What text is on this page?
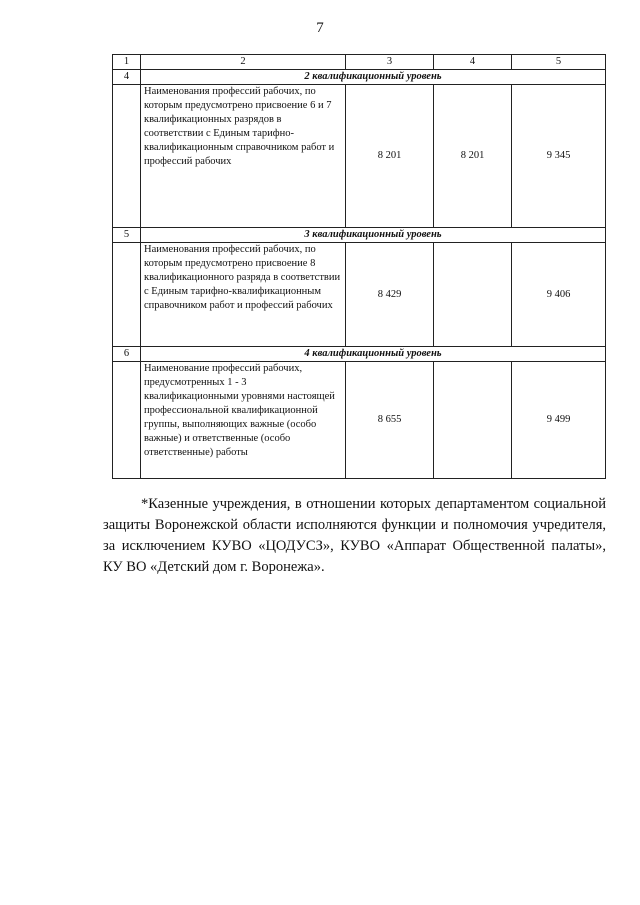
7
1	2	3	4	5
4	2 квалификационный уровень			
	Наименования профессий рабочих, по которым предусмотрено присвоение 6 и 7 квалификационных разрядов в соответствии с Единым тарифно-квалификационным справочником работ и профессий рабочих	8 201	8 201	9 345
5	3 квалификационный уровень			
	Наименования профессий рабочих, по которым предусмотрено присвоение 8 квалификационного разряда в соответствии с Единым тарифно-квалификационным справочником работ и профессий рабочих	8 429		9 406
6	4 квалификационный уровень			
	Наименование профессий рабочих, предусмотренных 1 - 3 квалификационными уровнями настоящей профессиональной квалификационной группы, выполняющих важные (особо важные) и ответственные (особо ответственные) работы	8 655		9 499
*Казенные учреждения, в отношении которых департаментом социальной защиты Воронежской области исполняются функции и полномочия учредителя, за исключением КУВО «ЦОДУСЗ», КУВО «Аппарат Общественной палаты», КУ ВО «Детский дом г. Воронежа».
